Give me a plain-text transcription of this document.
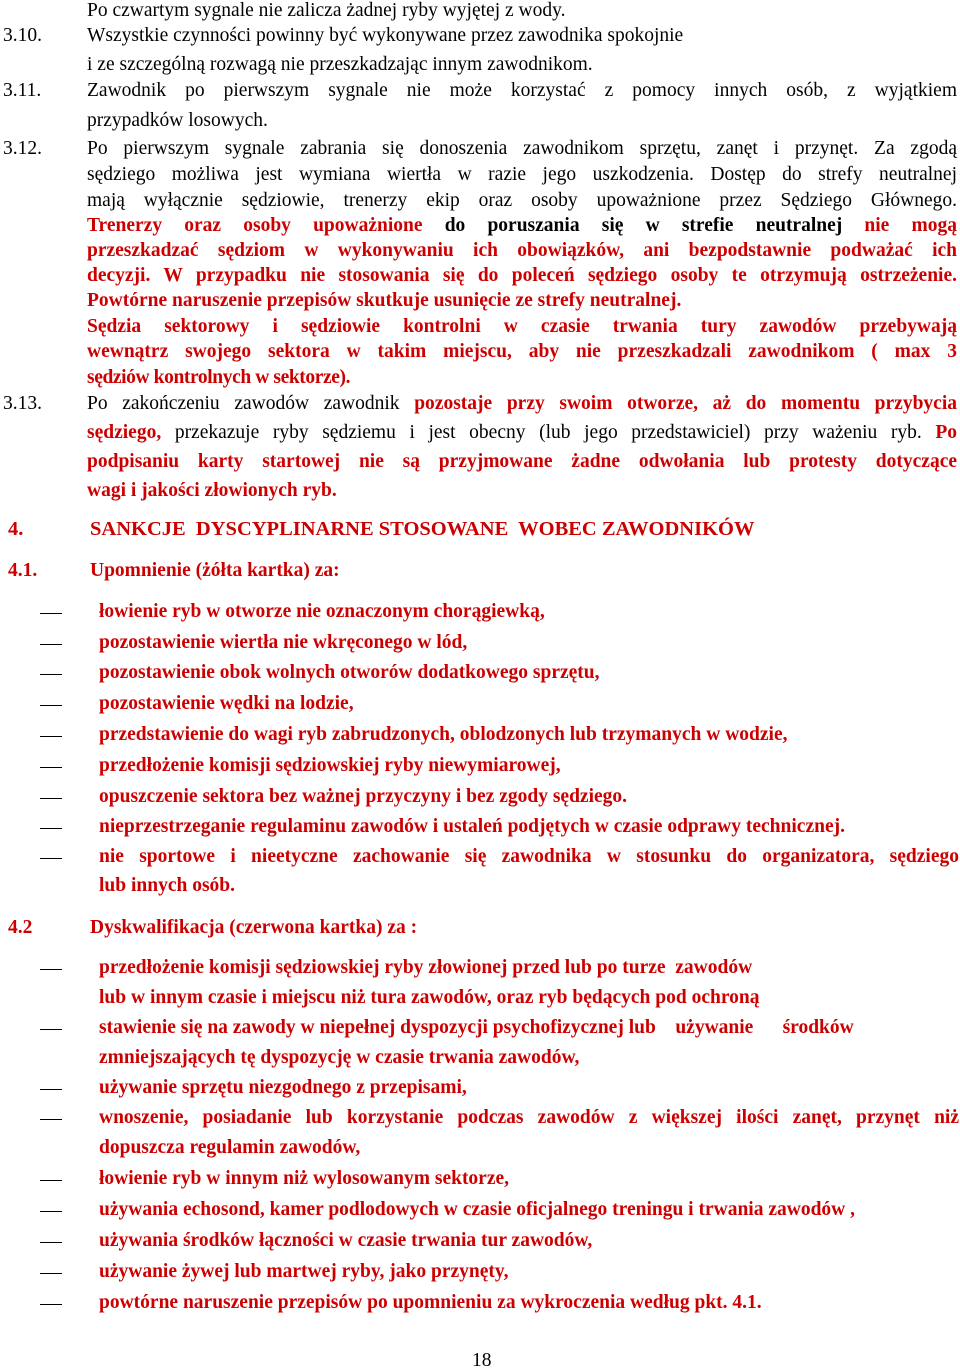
Po czwartym sygnale nie zalicza żadnej ryby wyjętej z wody.
3.10. Wszystkie czynności powinny być wykonywane przez zawodnika spokojnie
i ze szczególną rozwagą nie przeszkadzając innym zawodnikom.
3.11. Zawodnik po pierwszym sygnale nie może korzystać z pomocy innych osób, z wyjątkiem
przypadków losowych.
3.12. Po pierwszym sygnale zabrania się donoszenia zawodnikom sprzętu, zanęt i przynęt. Za zgodą
sędziego możliwa jest wymiana wiertła w razie jego uszkodzenia. Dostęp do strefy neutralnej
mają wyłącznie sędziowie, trenerzy ekip oraz osoby upoważnione przez Sędziego Głównego.
Trenerzy oraz osoby upoważnione do poruszania się w strefie neutralnej nie mogą
przeszkadzać sędziom w wykonywaniu ich obowiązków, ani bezpodstawnie podważać ich
decyzji. W przypadku nie stosowania się do poleceń sędziego osoby te otrzymują ostrzeżenie.
Powtórne naruszenie przepisów skutkuje usunięcie ze strefy neutralnej.
Sędzia sektorowy i sędziowie kontrolni w czasie trwania tury zawodów przebywają
wewnątrz swojego sektora w takim miejscu, aby nie przeszkadzali zawodnikom ( max 3
sędziów kontrolnych w sektorze).
3.13. Po zakończeniu zawodów zawodnik pozostaje przy swoim otworze, aż do momentu przybycia
sędziego, przekazuje ryby sędziemu i jest obecny (lub jego przedstawiciel) przy ważeniu ryb. Po
podpisaniu karty startowej nie są przyjmowane żadne odwołania lub protesty dotyczące
wagi i jakości złowionych ryb.
4.	SANKCJE  DYSCYPLINARNE STOSOWANE  WOBEC ZAWODNIKÓW
4.1.	Upomnienie (żółta kartka) za:
łowienie ryb w otworze nie oznaczonym chorągiewką,
pozostawienie wiertła nie wkręconego w lód,
pozostawienie obok wolnych otworów dodatkowego sprzętu,
pozostawienie wędki na lodzie,
przedstawienie do wagi ryb zabrudzonych, oblodzonych lub trzymanych w wodzie,
przedłożenie komisji sędziowskiej ryby niewymiarowej,
opuszczenie sektora bez ważnej przyczyny i bez zgody sędziego.
nieprzestrzeganie regulaminu zawodów i ustaleń podjętych w czasie odprawy technicznej.
nie sportowe i nieetyczne zachowanie się zawodnika w stosunku do organizatora, sędziego
lub innych osób.
4.2	Dyskwalifikacja (czerwona kartka) za :
przedłożenie komisji sędziowskiej ryby złowionej przed lub po turze  zawodów
lub w innym czasie i miejscu niż tura zawodów, oraz ryb będących pod ochroną
stawienie się na zawody w niepełnej dyspozycji psychofizycznej lub    używanie      środków
zmniejszających tę dyspozycję w czasie trwania zawodów,
używanie sprzętu niezgodnego z przepisami,
wnoszenie, posiadanie lub korzystanie podczas zawodów z większej ilości zanęt, przynęt niż
dopuszcza regulamin zawodów,
łowienie ryb w innym niż wylosowanym sektorze,
używania echosond, kamer podlodowych w czasie oficjalnego treningu i trwania zawodów ,
używania środków łączności w czasie trwania tur zawodów,
używanie żywej lub martwej ryby, jako przynęty,
powtórne naruszenie przepisów po upomnieniu za wykroczenia według pkt. 4.1.
18
